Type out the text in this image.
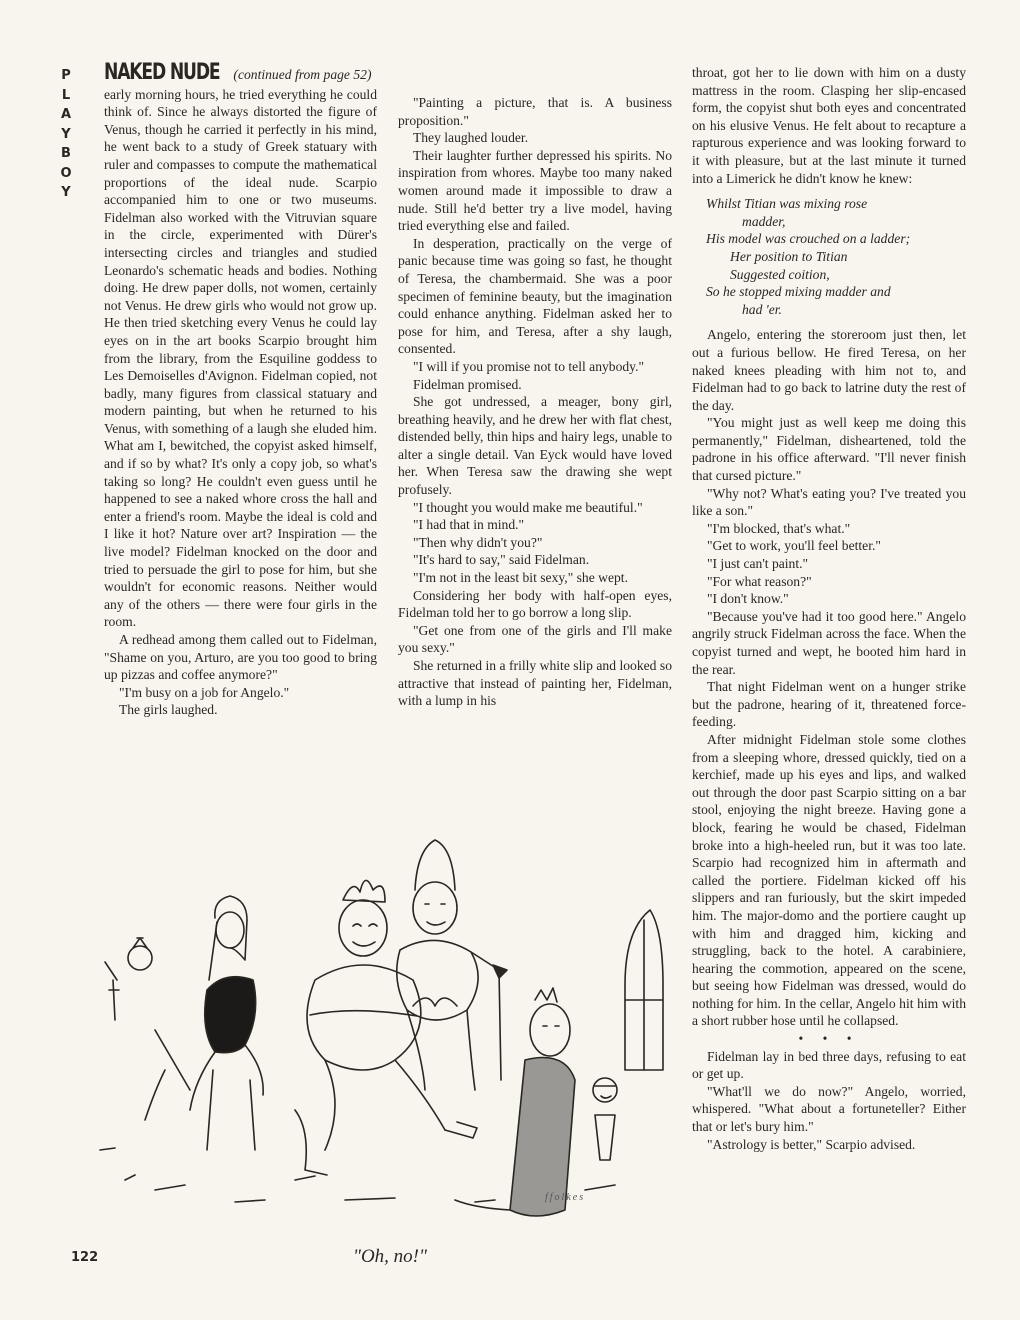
P
L
A
Y
B
O
Y
NAKED NUDE (continued from page 52)

early morning hours, he tried everything he could think of. Since he always distorted the figure of Venus, though he carried it perfectly in his mind, he went back to a study of Greek statuary with ruler and compasses to compute the mathematical proportions of the ideal nude. Scarpio accompanied him to one or two museums. Fidelman also worked with the Vitruvian square in the circle, experimented with Dürer's intersecting circles and triangles and studied Leonardo's schematic heads and bodies. Nothing doing. He drew paper dolls, not women, certainly not Venus. He drew girls who would not grow up. He then tried sketching every Venus he could lay eyes on in the art books Scarpio brought him from the library, from the Esquiline goddess to Les Demoiselles d'Avignon. Fidelman copied, not badly, many figures from classical statuary and modern painting, but when he returned to his Venus, with something of a laugh she eluded him. What am I, bewitched, the copyist asked himself, and if so by what? It's only a copy job, so what's taking so long? He couldn't even guess until he happened to see a naked whore cross the hall and enter a friend's room. Maybe the ideal is cold and I like it hot? Nature over art? Inspiration — the live model? Fidelman knocked on the door and tried to persuade the girl to pose for him, but she wouldn't for economic reasons. Neither would any of the others — there were four girls in the room.

A redhead among them called out to Fidelman, "Shame on you, Arturo, are you too good to bring up pizzas and coffee anymore?"

"I'm busy on a job for Angelo."

The girls laughed.

"Painting a picture, that is. A business proposition."

They laughed louder.

Their laughter further depressed his spirits. No inspiration from whores. Maybe too many naked women around made it impossible to draw a nude. Still he'd better try a live model, having tried everything else and failed.

In desperation, practically on the verge of panic because time was going so fast, he thought of Teresa, the chambermaid. She was a poor specimen of feminine beauty, but the imagination could enhance anything. Fidelman asked her to pose for him, and Teresa, after a shy laugh, consented.

"I will if you promise not to tell anybody."

Fidelman promised.

She got undressed, a meager, bony girl, breathing heavily, and he drew her with flat chest, distended belly, thin hips and hairy legs, unable to alter a single detail. Van Eyck would have loved her. When Teresa saw the drawing she wept profusely.

"I thought you would make me beautiful."

"I had that in mind."

"Then why didn't you?"

"It's hard to say," said Fidelman.

"I'm not in the least bit sexy," she wept.

Considering her body with half-open eyes, Fidelman told her to go borrow a long slip.

"Get one from one of the girls and I'll make you sexy."

She returned in a frilly white slip and looked so attractive that instead of painting her, Fidelman, with a lump in his

throat, got her to lie down with him on a dusty mattress in the room. Clasping her slip-encased form, the copyist shut both eyes and concentrated on his elusive Venus. He felt about to recapture a rapturous experience and was looking forward to it with pleasure, but at the last minute it turned into a Limerick he didn't know he knew:

Whilst Titian was mixing rose
madder,
His model was crouched on a ladder;
Her position to Titian
Suggested coition,
So he stopped mixing madder and
had 'er.

Angelo, entering the storeroom just then, let out a furious bellow. He fired Teresa, on her naked knees pleading with him not to, and Fidelman had to go back to latrine duty the rest of the day.

"You might just as well keep me doing this permanently," Fidelman, disheartened, told the padrone in his office afterward. "I'll never finish that cursed picture."

"Why not? What's eating you? I've treated you like a son."

"I'm blocked, that's what."

"Get to work, you'll feel better."

"I just can't paint."

"For what reason?"

"I don't know."

"Because you've had it too good here." Angelo angrily struck Fidelman across the face. When the copyist turned and wept, he booted him hard in the rear.

That night Fidelman went on a hunger strike but the padrone, hearing of it, threatened force-feeding.

After midnight Fidelman stole some clothes from a sleeping whore, dressed quickly, tied on a kerchief, made up his eyes and lips, and walked out through the door past Scarpio sitting on a bar stool, enjoying the night breeze. Having gone a block, fearing he would be chased, Fidelman broke into a high-heeled run, but it was too late. Scarpio had recognized him in aftermath and called the portiere. Fidelman kicked off his slippers and ran furiously, but the skirt impeded him. The major-domo and the portiere caught up with him and dragged him, kicking and struggling, back to the hotel. A carabiniere, hearing the commotion, appeared on the scene, but seeing how Fidelman was dressed, would do nothing for him. In the cellar, Angelo hit him with a short rubber hose until he collapsed.

• • •

Fidelman lay in bed three days, refusing to eat or get up.

"What'll we do now?" Angelo, worried, whispered. "What about a fortuneteller? Either that or let's bury him."

"Astrology is better," Scarpio advised.

ffolkes
"Oh, no!"
122
